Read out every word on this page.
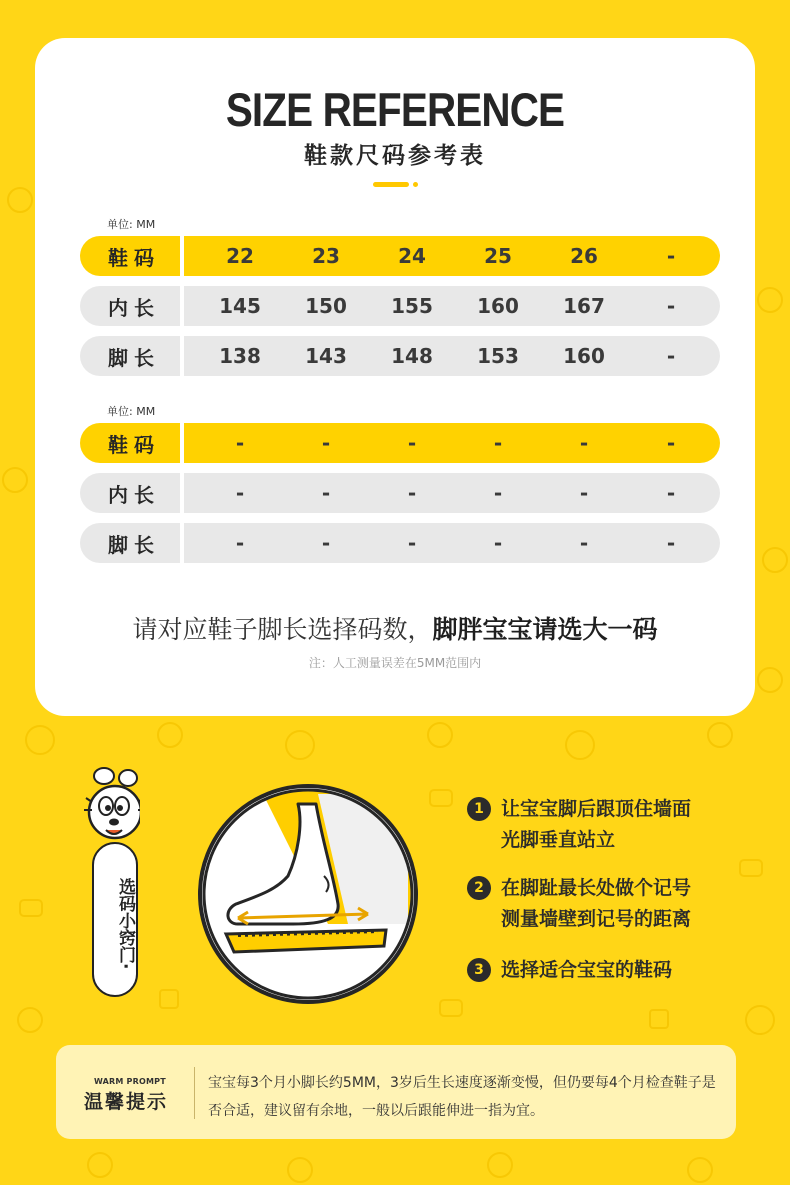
SIZE REFERENCE
鞋款尺码参考表
单位: MM
鞋码	22	23	24	25	26	-
内长	145	150	155	160	167	-
脚长	138	143	148	153	160	-
单位: MM
鞋码	-	-	-	-	-	-
内长	-	-	-	-	-	-
脚长	-	-	-	-	-	-
请对应鞋子脚长选择码数，脚胖宝宝请选大一码
注：人工测量误差在5MM范围内
选码小窍门·
1 让宝宝脚后跟顶住墙面
光脚垂直站立
2 在脚趾最长处做个记号
测量墙壁到记号的距离
3 选择适合宝宝的鞋码
WARM PROMPT
温馨提示
宝宝每3个月小脚长约5MM，3岁后生长速度逐渐变慢，但仍要每4个月检查鞋子是否合适，建议留有余地，一般以后跟能伸进一指为宜。
